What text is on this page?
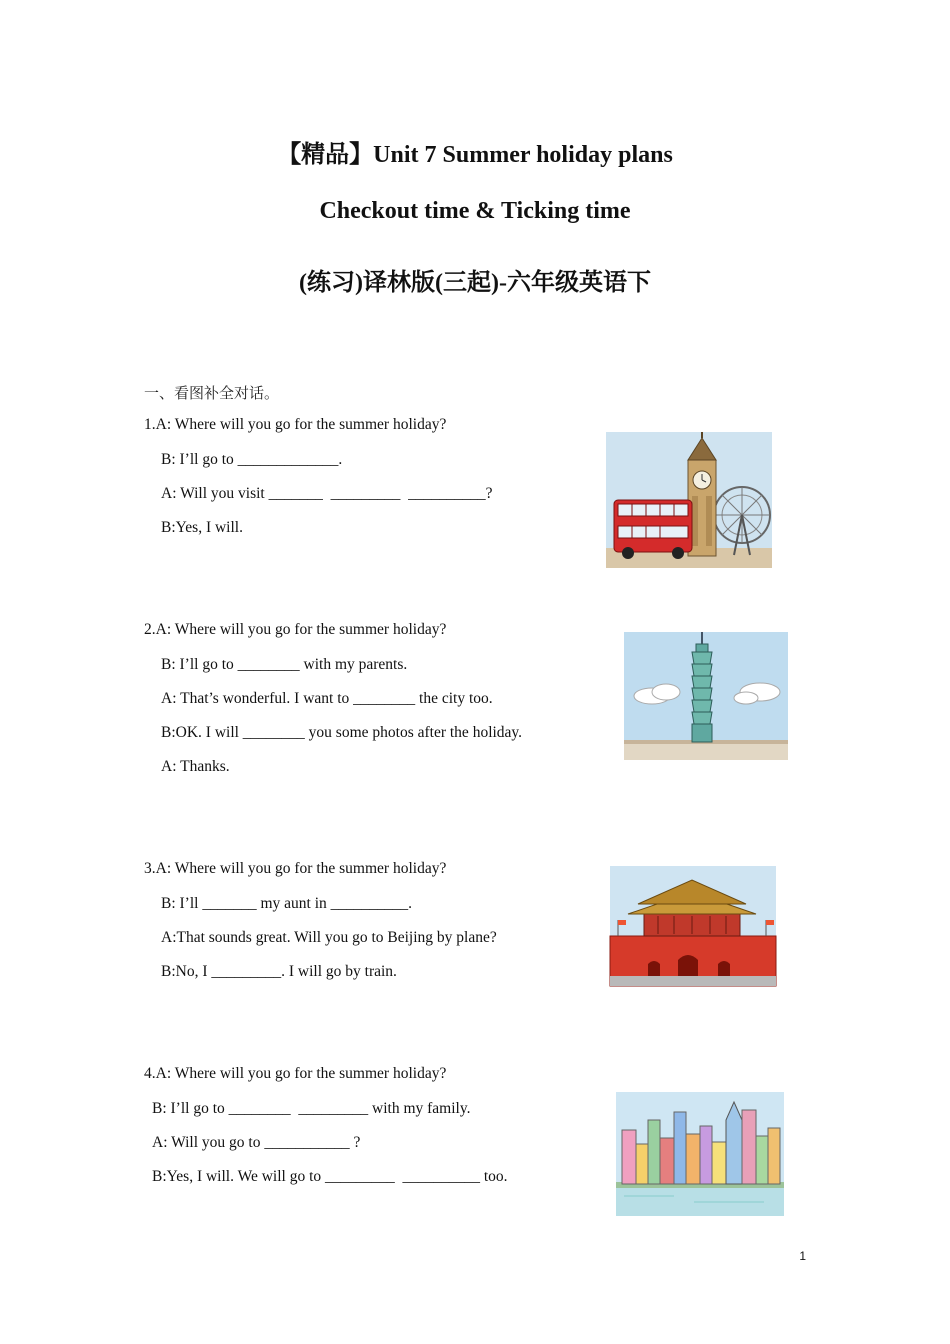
【精品】Unit 7 Summer holiday plans
Checkout time & Ticking time
(练习)译林版(三起)-六年级英语下
一、看图补全对话。
1.A: Where will you go for the summer holiday?
B: I’ll go to _____________.
A: Will you visit _______  _________  __________?
B:Yes, I will.
2.A: Where will you go for the summer holiday?
B: I’ll go to ________ with my parents.
A: That’s wonderful. I want to ________ the city too.
B:OK. I will ________ you some photos after the holiday.
A: Thanks.
3.A: Where will you go for the summer holiday?
B: I’ll _______ my aunt in __________.
A:That sounds great. Will you go to Beijing by plane?
B:No, I _________. I will go by train.
4.A: Where will you go for the summer holiday?
B: I’ll go to ________  _________ with my family.
A: Will you go to ___________ ?
B:Yes, I will. We will go to _________  __________ too.
1
